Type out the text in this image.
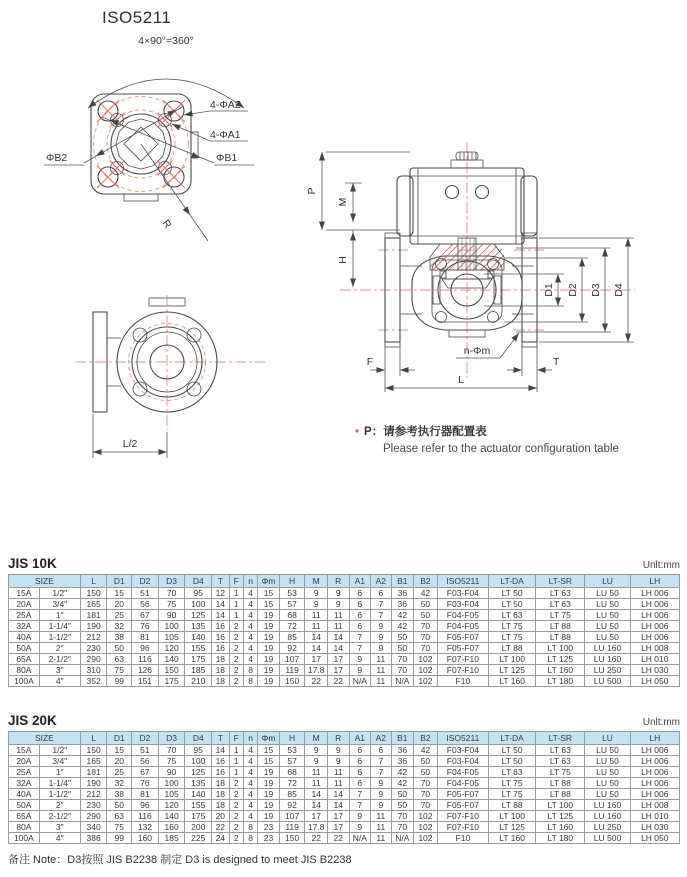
ISO5211
4×90°=360°
4-ΦA2
4-ΦA1
ΦB2	ΦB1
R
P
M
H
D1 D2 D3 D4
F	T
L
n-Φm
L/2
• P：请参考执行器配置表
Please refer to the actuator configuration table
JIS 10K	Unlt:mm
SIZE		L	D1	D2	D3	D4	T	F	n	Φm	H	M	R	A1	A2	B1	B2	ISO5211	LT-DA	LT-SR	LU	LH
15A	1/2″	150	15	51	70	95	12	1	4	15	53	9	9	6	6	36	42	F03-F04	LT 50	LT 63	LU 50	LH 006
20A	3/4″	165	20	56	75	100	14	1	4	15	57	9	9	6	7	36	50	F03-F04	LT 50	LT 63	LU 50	LH 006
25A	1″	181	25	67	90	125	14	1	4	19	68	11	11	6	7	42	50	F04-F05	LT 63	LT 75	LU 50	LH 006
32A	1-1/4″	190	32	76	100	135	16	2	4	19	72	11	11	6	9	42	70	F04-F05	LT 75	LT 88	LU 50	LH 006
40A	1-1/2″	212	38	81	105	140	16	2	4	19	85	14	14	7	9	50	70	F05-F07	LT 75	LT 88	LU 50	LH 006
50A	2″	230	50	96	120	155	16	2	4	19	92	14	14	7	9	50	70	F05-F07	LT 88	LT 100	LU 160	LH 008
65A	2-1/2″	290	63	116	140	175	18	2	4	19	107	17	17	9	11	70	102	F07-F10	LT 100	LT 125	LU 160	LH 010
80A	3″	310	75	126	150	185	18	2	8	19	119	17.8	17	9	11	70	102	F07-F10	LT 125	LT 160	LU 250	LH 030
100A	4″	352	99	151	175	210	18	2	8	19	150	22	22	N/A	11	N/A	102	F10	LT 160	LT 180	LU 500	LH 050
JIS 20K	Unlt:mm
SIZE		L	D1	D2	D3	D4	T	F	n	Φm	H	M	R	A1	A2	B1	B2	ISO5211	LT-DA	LT-SR	LU	LH
15A	1/2″	150	15	51	70	95	14	1	4	15	53	9	9	6	6	36	42	F03-F04	LT 50	LT 63	LU 50	LH 006
20A	3/4″	165	20	56	75	100	16	1	4	15	57	9	9	6	7	36	50	F03-F04	LT 50	LT 63	LU 50	LH 006
25A	1″	181	25	67	90	125	16	1	4	19	68	11	11	6	7	42	50	F04-F05	LT 63	LT 75	LU 50	LH 006
32A	1-1/4″	190	32	76	100	135	18	2	4	19	72	11	11	6	9	42	70	F04-F05	LT 75	LT 88	LU 50	LH 006
40A	1-1/2″	212	38	81	105	140	18	2	4	19	85	14	14	7	9	50	70	F05-F07	LT 75	LT 88	LU 50	LH 006
50A	2″	230	50	96	120	155	18	2	4	19	92	14	14	7	9	50	70	F05-F07	LT 88	LT 100	LU 160	LH 008
65A	2-1/2″	290	63	116	140	175	20	2	4	19	107	17	17	9	11	70	102	F07-F10	LT 100	LT 125	LU 160	LH 010
80A	3″	340	75	132	160	200	22	2	8	23	119	17.8	17	9	11	70	102	F07-F10	LT 125	LT 160	LU 250	LH 030
100A	4″	386	99	160	185	225	24	2	8	23	150	22	22	N/A	11	N/A	102	F10	LT 160	LT 180	LU 500	LH 050
备注 Note：D3按照 JIS B2238 制定 D3 is designed to meet JIS B2238
